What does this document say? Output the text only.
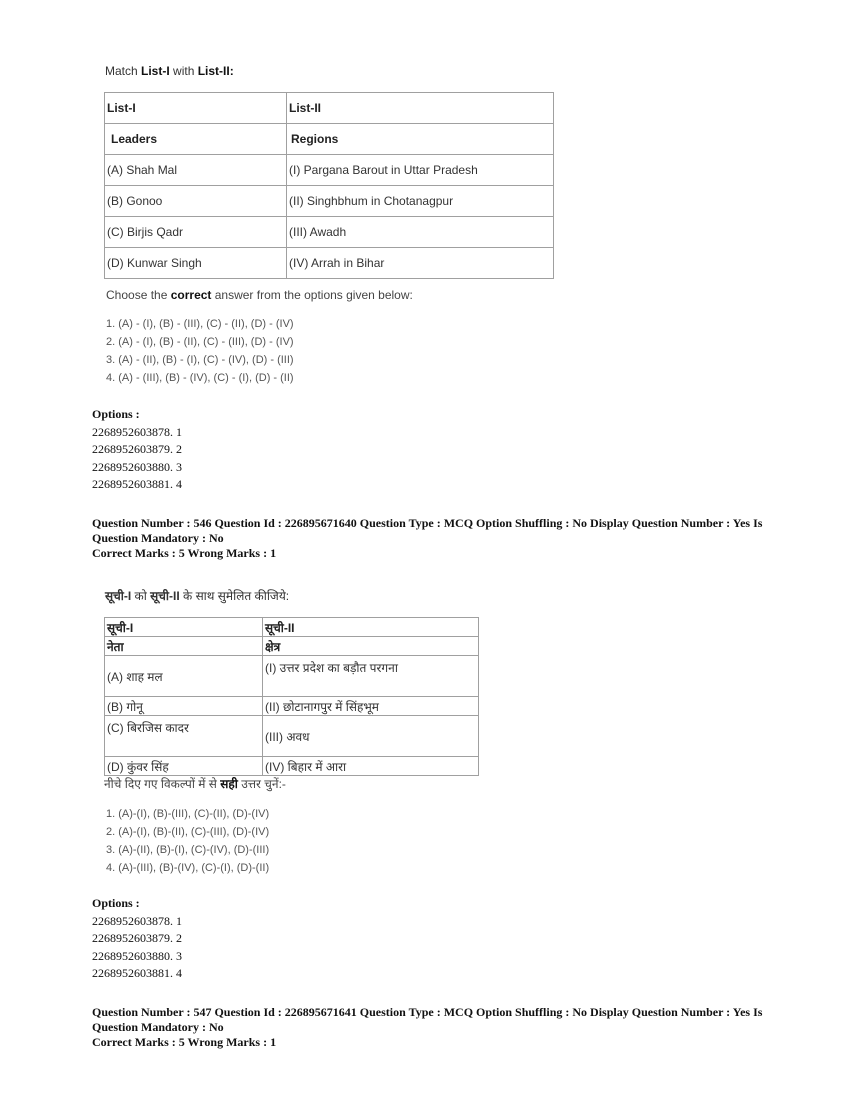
Match List-I with List-II:
List-I	List-II
Leaders	Regions
(A) Shah Mal	(I) Pargana Barout in Uttar Pradesh
(B) Gonoo	(II) Singhbhum in Chotanagpur
(C) Birjis Qadr	(III) Awadh
(D) Kunwar Singh	(IV) Arrah in Bihar
Choose the correct answer from the options given below:
1. (A) - (I), (B) - (III), (C) - (II), (D) - (IV)
2. (A) - (I), (B) - (II), (C) - (III), (D) - (IV)
3. (A) - (II), (B) - (I), (C) - (IV), (D) - (III)
4. (A) - (III), (B) - (IV), (C) - (I), (D) - (II)
Options :
2268952603878. 1
2268952603879. 2
2268952603880. 3
2268952603881. 4
Question Number : 546 Question Id : 226895671640 Question Type : MCQ Option Shuffling : No Display Question Number : Yes Is Question Mandatory : No
Correct Marks : 5 Wrong Marks : 1
सूची-I को सूची-II के साथ सुमेलित कीजिये:
सूची-I	सूची-II
नेता	क्षेत्र
(A) शाह मल	(I) उत्तर प्रदेश का बड़ौत परगना
(B) गोनू	(II) छोटानागपुर में सिंहभूम
(C) बिरजिस कादर	(III) अवध
(D) कुंवर सिंह	(IV) बिहार में आरा
नीचे दिए गए विकल्पों में से सही उत्तर चुनें:-
1. (A)-(I), (B)-(III), (C)-(II), (D)-(IV)
2. (A)-(I), (B)-(II), (C)-(III), (D)-(IV)
3. (A)-(II), (B)-(I), (C)-(IV), (D)-(III)
4. (A)-(III), (B)-(IV), (C)-(I), (D)-(II)
Options :
2268952603878. 1
2268952603879. 2
2268952603880. 3
2268952603881. 4
Question Number : 547 Question Id : 226895671641 Question Type : MCQ Option Shuffling : No Display Question Number : Yes Is Question Mandatory : No
Correct Marks : 5 Wrong Marks : 1
